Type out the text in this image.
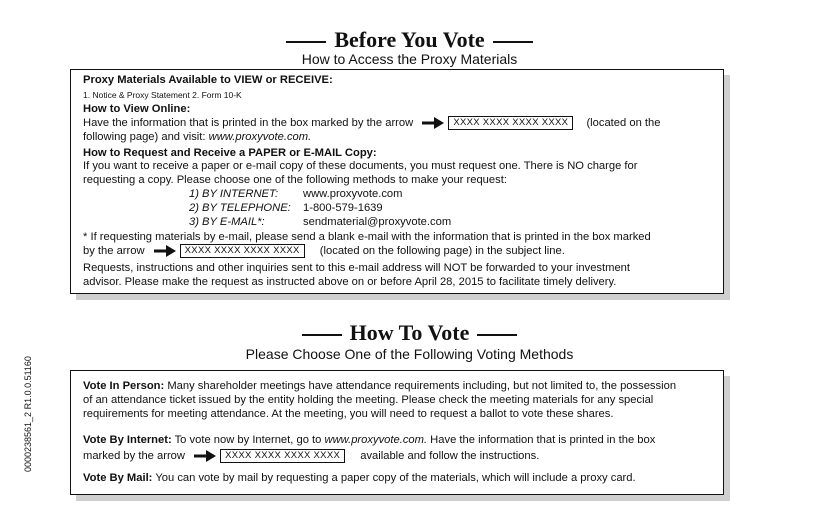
0000238561_2 R1.0.0.51160
Before You Vote
How to Access the Proxy Materials
Proxy Materials Available to VIEW or RECEIVE:
1. Notice & Proxy Statement 2. Form 10-K
How to View Online:
Have the information that is printed in the box marked by the arrow	XXXX XXXX XXXX XXXX (located on the
following page) and visit: www.proxyvote.com.
How to Request and Receive a PAPER or E-MAIL Copy:
If you want to receive a paper or e-mail copy of these documents, you must request one. There is NO charge for
requesting a copy. Please choose one of the following methods to make your request:
1) BY INTERNET: www.proxyvote.com
2) BY TELEPHONE: 1-800-579-1639
3) BY E-MAIL*:	sendmaterial@proxyvote.com
* If requesting materials by e-mail, please send a blank e-mail with the information that is printed in the box marked
by the arrow	XXXX XXXX XXXX XXXX (located on the following page) in the subject line.
Requests, instructions and other inquiries sent to this e-mail address will NOT be forwarded to your investment
advisor. Please make the request as instructed above on or before April 28, 2015 to facilitate timely delivery.
How To Vote
Please Choose One of the Following Voting Methods
Vote In Person: Many shareholder meetings have attendance requirements including, but not limited to, the possession
of an attendance ticket issued by the entity holding the meeting. Please check the meeting materials for any special
requirements for meeting attendance. At the meeting, you will need to request a ballot to vote these shares.
Vote By Internet: To vote now by Internet, go to www.proxyvote.com. Have the information that is printed in the box
marked by the arrow	XXXX XXXX XXXX XXXX available and follow the instructions.
Vote By Mail: You can vote by mail by requesting a paper copy of the materials, which will include a proxy card.
